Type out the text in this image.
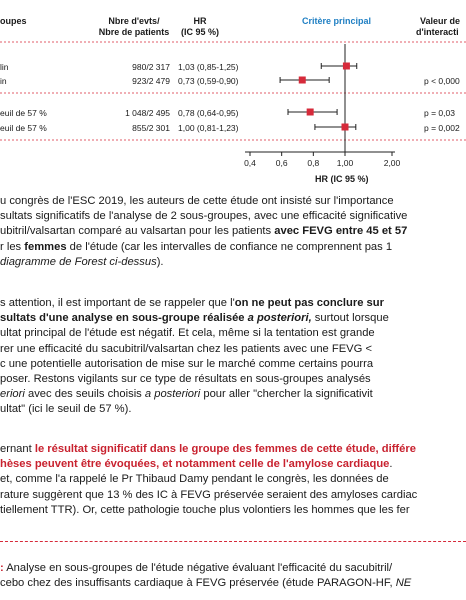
oupes	Nbre d'evts/
Nbre de patients
HR
(IC 95 %)
Critère principal	Valeur de
d'interacti
lin	980/2 317 1,03 (0,85-1,25)
in	923/2 479 0,73 (0,59-0,90)	p < 0,000
euil de 57 %	1 048/2 495 0,78 (0,64-0,95)	p = 0,03
euil de 57 %	855/2 301 1,00 (0,81-1,23)	p = 0,002
0,4 0,6 0,8 1,00	2,00
HR (IC 95 %)
u congrès de l'ESC 2019, les auteurs de cette étude ont insisté sur l'importance
sultats significatifs de l'analyse de 2 sous-groupes, avec une efficacité significative
ubitril/valsartan comparé au valsartan pour les patients avec FEVG entre 45 et 57
r les femmes de l'étude (car les intervalles de confiance ne comprennent pas 1
diagramme de Forest ci-dessus).
s attention, il est important de se rappeler que l'on ne peut pas conclure sur
sultats d'une analyse en sous-groupe réalisée a posteriori, surtout lorsque
ultat principal de l'étude est négatif. Et cela, même si la tentation est grande
rer une efficacité du sacubitril/valsartan chez les patients avec une FEVG <
c une potentielle autorisation de mise sur le marché comme certains pourra
poser. Restons vigilants sur ce type de résultats en sous-groupes analysés
eriori avec des seuils choisis a posteriori pour aller "chercher la significativit
ultat" (ici le seuil de 57 %).
ernant le résultat significatif dans le groupe des femmes de cette étude, différe
hèses peuvent être évoquées, et notamment celle de l'amylose cardiaque.
et, comme l'a rappelé le Pr Thibaud Damy pendant le congrès, les données de
rature suggèrent que 13 % des IC à FEVG préservée seraient des amyloses cardiac
tiellement TTR). Or, cette pathologie touche plus volontiers les hommes que les fer
: Analyse en sous-groupes de l'étude négative évaluant l'efficacité du sacubitril/
cebo chez des insuffisants cardiaque à FEVG préservée (étude PARAGON-HF, NE
